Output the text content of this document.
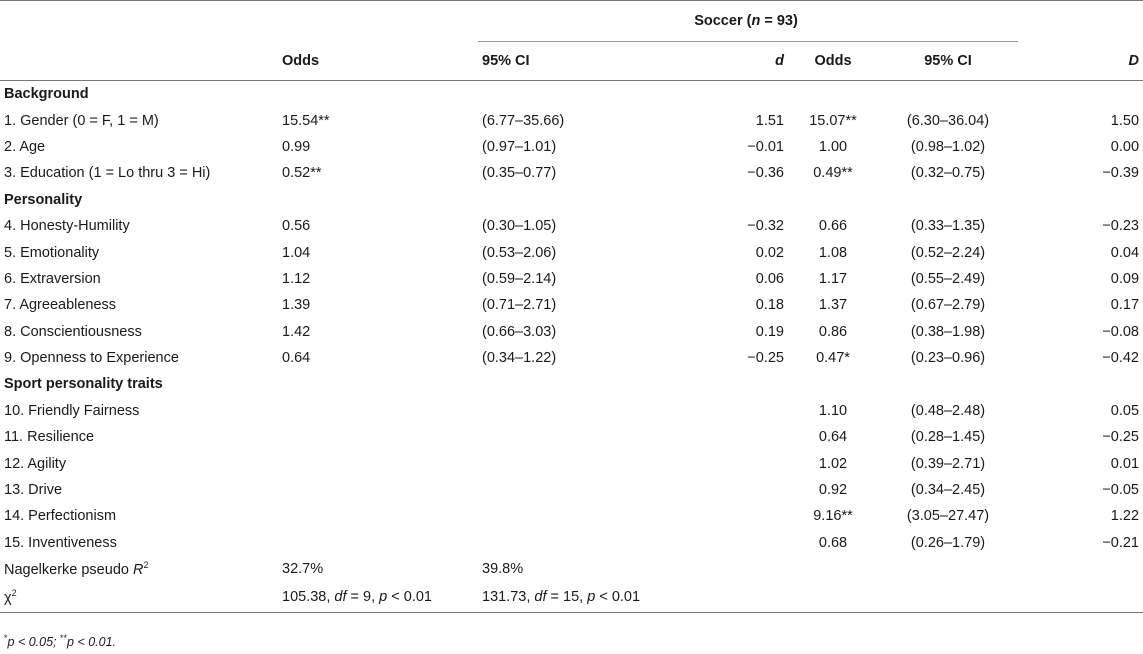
		Soccer (n = 93)				
	Odds	95% CI	d	Odds	95% CI	D
Background						
1. Gender (0 = F, 1 = M)	15.54**	(6.77–35.66)	1.51	15.07**	(6.30–36.04)	1.50
2. Age	0.99	(0.97–1.01)	−0.01	1.00	(0.98–1.02)	0.00
3. Education (1 = Lo thru 3 = Hi)	0.52**	(0.35–0.77)	−0.36	0.49**	(0.32–0.75)	−0.39
Personality						
4. Honesty-Humility	0.56	(0.30–1.05)	−0.32	0.66	(0.33–1.35)	−0.23
5. Emotionality	1.04	(0.53–2.06)	0.02	1.08	(0.52–2.24)	0.04
6. Extraversion	1.12	(0.59–2.14)	0.06	1.17	(0.55–2.49)	0.09
7. Agreeableness	1.39	(0.71–2.71)	0.18	1.37	(0.67–2.79)	0.17
8. Conscientiousness	1.42	(0.66–3.03)	0.19	0.86	(0.38–1.98)	−0.08
9. Openness to Experience	0.64	(0.34–1.22)	−0.25	0.47*	(0.23–0.96)	−0.42
Sport personality traits						
10. Friendly Fairness				1.10	(0.48–2.48)	0.05
11. Resilience				0.64	(0.28–1.45)	−0.25
12. Agility				1.02	(0.39–2.71)	0.01
13. Drive				0.92	(0.34–2.45)	−0.05
14. Perfectionism				9.16**	(3.05–27.47)	1.22
15. Inventiveness				0.68	(0.26–1.79)	−0.21
Nagelkerke pseudo $R^2$	32.7%	39.8%				
$\chi^2$	105.38, df = 9, p < 0.01	131.73, df = 15, p < 0.01				
*p < 0.05; **p < 0.01.
